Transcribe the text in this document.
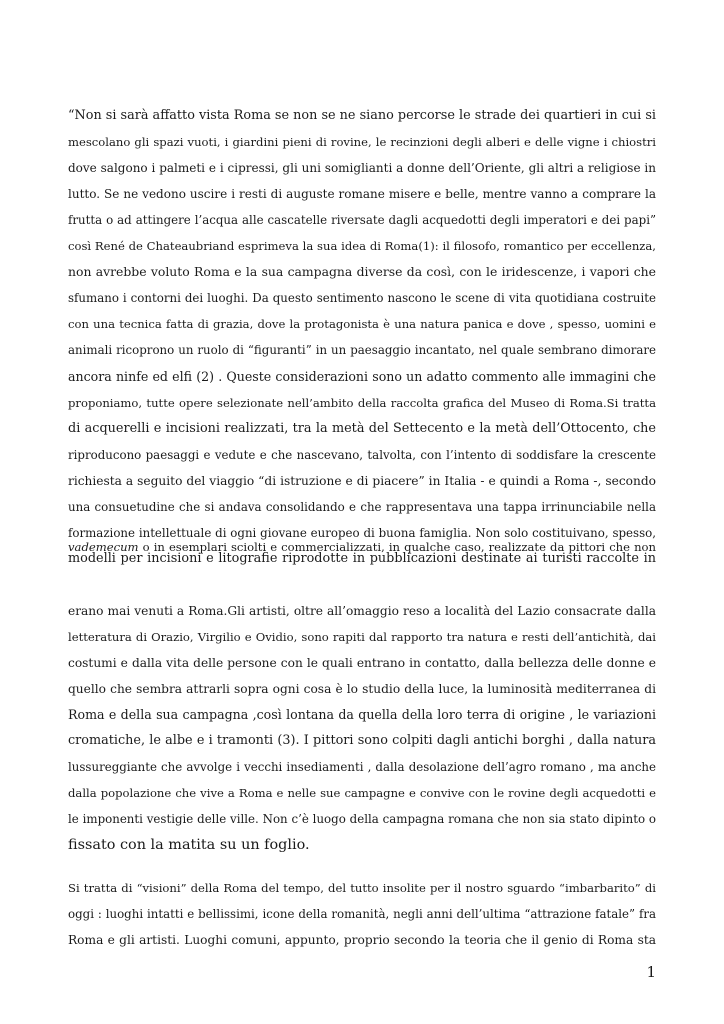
“Non si sarà affatto vista Roma se non se ne siano percorse le strade dei quartieri in cui si
mescolano gli spazi vuoti, i giardini pieni di rovine, le recinzioni degli alberi e delle vigne i chiostri
dove salgono i palmeti e i cipressi, gli uni somiglianti a donne dell’Oriente, gli altri a religiose in
lutto. Se ne vedono uscire i resti di auguste romane misere e belle, mentre vanno a comprare la
frutta o ad attingere l’acqua alle cascatelle riversate dagli acquedotti degli imperatori e dei papi”
così René de Chateaubriand esprimeva la sua idea di Roma(1): il filosofo, romantico per eccellenza,
non avrebbe voluto Roma e la sua campagna diverse da così, con le iridescenze, i vapori che
sfumano i contorni dei luoghi. Da questo sentimento nascono le scene di vita quotidiana costruite
con una tecnica fatta di grazia, dove la protagonista è una natura panica e dove , spesso, uomini e
animali ricoprono un ruolo di “figuranti” in un paesaggio incantato, nel quale sembrano dimorare
ancora ninfe ed elfi (2) . Queste considerazioni sono un adatto commento alle immagini che
proponiamo, tutte opere selezionate nell’ambito della raccolta grafica del Museo di Roma.Si tratta
di acquerelli e incisioni realizzati, tra la metà del Settecento e la metà dell’Ottocento, che
riproducono paesaggi e vedute e che nascevano, talvolta, con l’intento di soddisfare la crescente
richiesta a seguito del viaggio “di istruzione e di piacere” in Italia - e quindi a Roma -, secondo
una consuetudine che si andava consolidando e che rappresentava una tappa irrinunciabile nella
formazione intellettuale di ogni giovane europeo di buona famiglia. Non solo costituivano, spesso,
modelli per incisioni e litografie riprodotte in pubblicazioni destinate ai turisti raccolte in
vademecum o in esemplari sciolti e commercializzati, in qualche caso, realizzate da pittori che non
erano mai venuti a Roma.Gli artisti, oltre all’omaggio reso a località del Lazio consacrate dalla
letteratura di Orazio, Virgilio e Ovidio, sono rapiti dal rapporto tra natura e resti dell’antichità, dai
costumi e dalla vita delle persone con le quali entrano in contatto, dalla bellezza delle donne e
quello che sembra attrarli sopra ogni cosa è lo studio della luce, la luminosità mediterranea di
Roma e della sua campagna ,così lontana da quella della loro terra di origine , le variazioni
cromatiche, le albe e i tramonti (3). I pittori sono colpiti dagli antichi borghi , dalla natura
lussureggiante che avvolge i vecchi insediamenti , dalla desolazione dell’agro romano , ma anche
dalla popolazione che vive a Roma e nelle sue campagne e convive con le rovine degli acquedotti e
le imponenti vestigie delle ville. Non c’è luogo della campagna romana che non sia stato dipinto o
fissato con la matita su un foglio.
Si tratta di “visioni” della Roma del tempo, del tutto insolite per il nostro sguardo “imbarbarito” di
oggi : luoghi intatti e bellissimi, icone della romanità, negli anni dell’ultima “attrazione fatale” fra
Roma e gli artisti. Luoghi comuni, appunto, proprio secondo la teoria che il genio di Roma sta
1
